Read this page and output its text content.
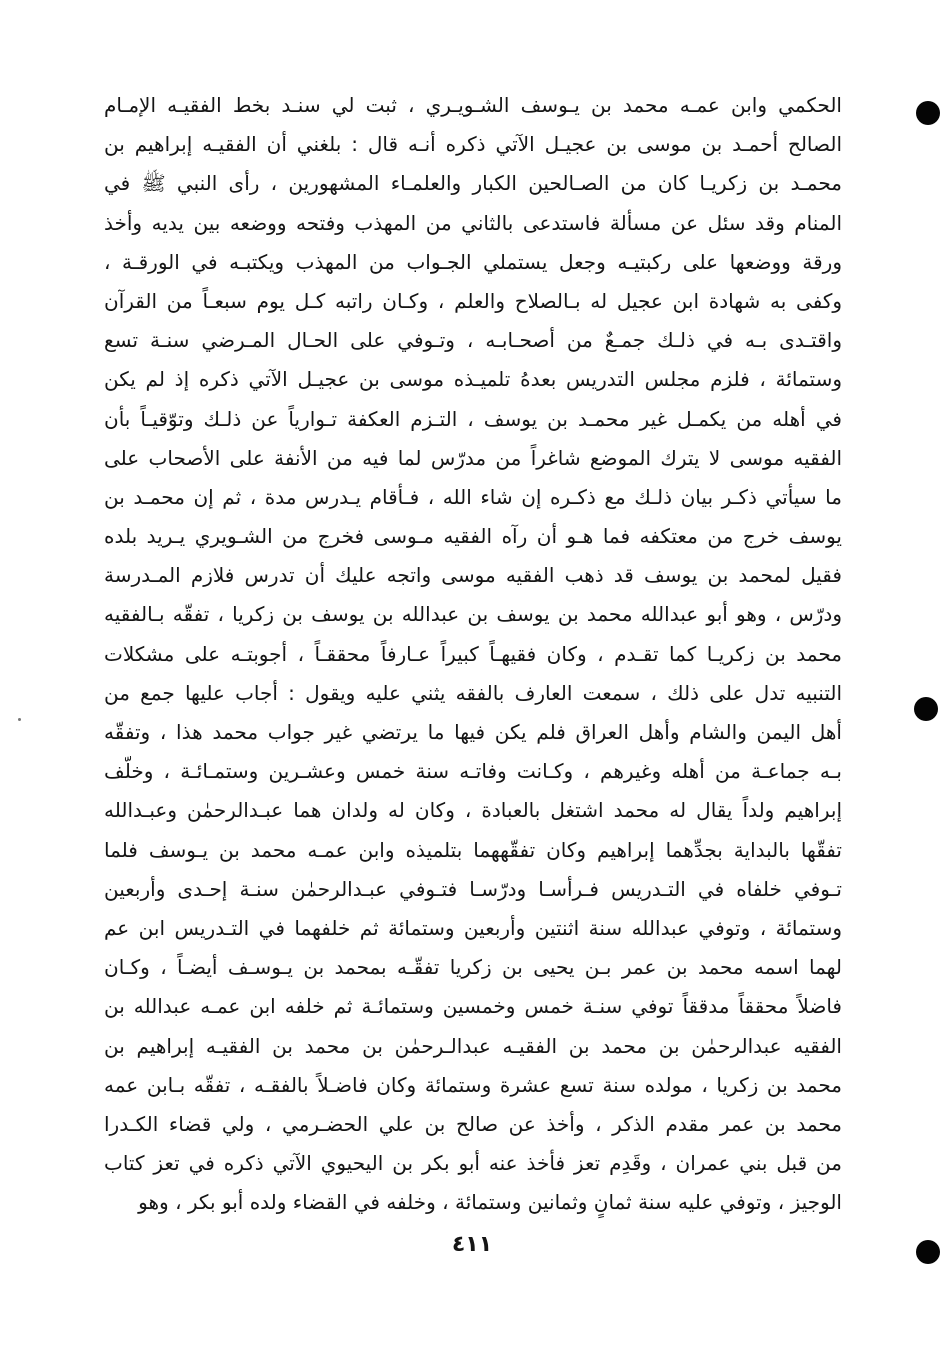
الحكمي وابن عمـه محمد بن يـوسف الشـويـري ، ثبت لي سنـد بخط الفقيـه الإمـام
الصالح أحمـد بن موسى بن عجيـل الآتي ذكره أنـه قال : بلغني أن الفقيـه إبراهيم بن
محمـد بن زكريـا كان من الصـالحين الكبار والعلمـاء المشهورين ، رأى النبي ﷺ في
المنام وقد سئل عن مسألة فاستدعى بالثاني من المهذب وفتحه ووضعه بين يديه وأخذ
ورقة ووضعها على ركبتيـه وجعل يستملي الجـواب من المهذب ويكتبـه في الورقـة ،
وكفى به شهادة ابن عجيل له بـالصلاح والعلم ، وكـان راتبه كـل يوم سبعـاً من القرآن
واقتـدى بـه في ذلـك جمـعٌ من أصحـابـه ، وتـوفي على الحـال المـرضي سنـة تسع
وستمائة ، فلزم مجلس التدريس بعدهُ تلميـذه موسى بن عجيـل الآتي ذكره إذ لم يكن
في أهله من يكمـل غير محمـد بن يوسف ، التـزم العكفة تـوارياً عن ذلـك وتوّقيـاً بأن
الفقيه موسى لا يترك الموضع شاغراً من مدرّس لما فيه من الأنفة على الأصحاب على
ما سيأتي ذكـر بيان ذلـك مع ذكـره إن شاء الله ، فـأقام يـدرس مدة ، ثم إن محمـد بن
يوسف خرج من معتكفه فما هـو أن رآه الفقيه مـوسى فخرج من الشـويري يـريد بلده
فقيل لمحمد بن يوسف قد ذهب الفقيه موسى واتجه عليك أن تدرس فلازم المـدرسة
ودرّس ، وهو أبو عبدالله محمد بن يوسف بن عبدالله بن يوسف بن زكريا ، تفقّه بـالفقيه
محمد بن زكريـا كما تقـدم ، وكان فقيهـاً كبيراً عـارفاً محققـاً ، أجوبتـه على مشكلات
التنبيه تدل على ذلك ، سمعت العارف بالفقه يثني عليه ويقول : أجاب عليها جمع من
أهل اليمن والشام وأهل العراق فلم يكن فيها ما يرتضي غير جواب محمد هذا ، وتفقّه
بـه جماعـة من أهله وغيرهم ، وكـانت وفاتـه سنة خمس وعشـرين وستمـائـة ، وخلّف
إبراهيم ولداً يقال له محمد اشتغل بالعبادة ، وكان له ولدان هما عبـدالرحمٰن وعبـدالله
تفقّها بالبداية بجدِّهما إبراهيم وكان تفقّههما بتلميذه وابن عمـه محمد بن يـوسف فلما
تـوفي خلفاه في التـدريس فـرأسـا ودرّسـا فتـوفي عبـدالرحمٰن سنـة إحـدى وأربعين
وستمائة ، وتوفي عبدالله سنة اثنتين وأربعين وستمائة ثم خلفهما في التـدريس ابن عم
لهما اسمه محمد بن عمر بـن يحيى بن زكريا تفقّـه بمحمد بن يـوسـف أيضـاً ، وكـان
فاضلاً محققاً مدققاً توفي سنـة خمس وخمسين وستمائـة ثم خلفه ابن عمـه عبدالله بن
الفقيه عبدالرحمٰن بن محمد بن الفقيـه عبدالـرحمٰن بن محمد بن الفقيـه إبراهيم بن
محمد بن زكريا ، مولده سنة تسع عشرة وستمائة وكان فاضـلاً بالفقـه ، تفقّه بـابن عمه
محمد بن عمر مقدم الذكر ، وأخذ عن صالح بن علي الحضـرمي ، ولي قضاء الكـدرا
من قبل بني عمران ، وقَدِم تعز فأخذ عنه أبو بكر بن اليحيوي الآتي ذكره في تعز كتاب
الوجيز ، وتوفي عليه سنة ثمانٍ وثمانين وستمائة ، وخلفه في القضاء ولده أبو بكر ، وهو
٤١١
